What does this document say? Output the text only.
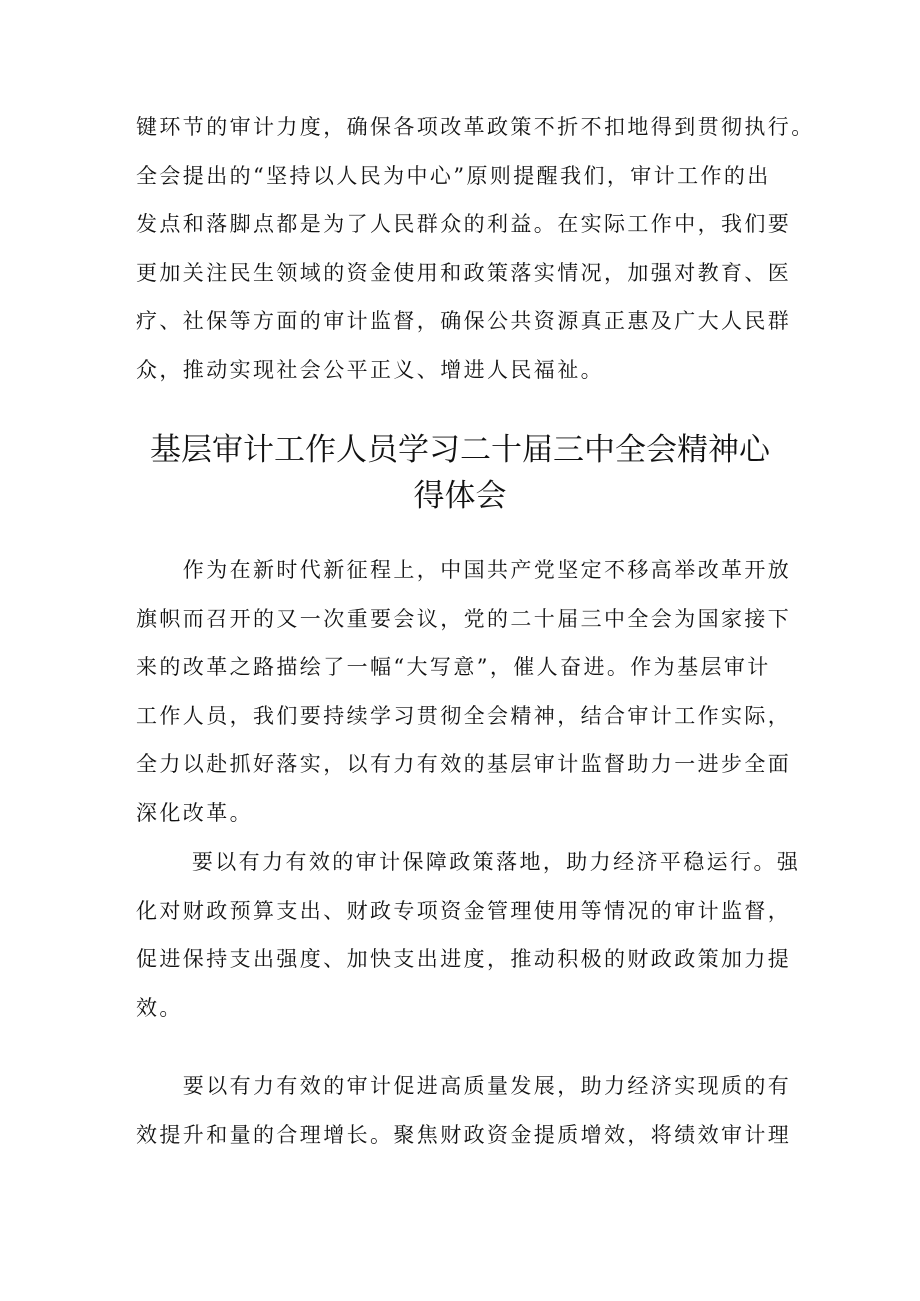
键环节的审计力度，确保各项改革政策不折不扣地得到贯彻执行。
全会提出的“坚持以人民为中心”原则提醒我们，审计工作的出
发点和落脚点都是为了人民群众的利益。在实际工作中，我们要
更加关注民生领域的资金使用和政策落实情况，加强对教育、医
疗、社保等方面的审计监督，确保公共资源真正惠及广大人民群
众，推动实现社会公平正义、增进人民福祉。

基层审计工作人员学习二十届三中全会精神心
得体会

　　作为在新时代新征程上，中国共产党坚定不移高举改革开放
旗帜而召开的又一次重要会议，党的二十届三中全会为国家接下
来的改革之路描绘了一幅“大写意”，催人奋进。作为基层审计
工作人员，我们要持续学习贯彻全会精神，结合审计工作实际，
全力以赴抓好落实，以有力有效的基层审计监督助力一进步全面
深化改革。

　　 要以有力有效的审计保障政策落地，助力经济平稳运行。强
化对财政预算支出、财政专项资金管理使用等情况的审计监督，
促进保持支出强度、加快支出进度，推动积极的财政政策加力提
效。

　　要以有力有效的审计促进高质量发展，助力经济实现质的有
效提升和量的合理增长。聚焦财政资金提质增效，将绩效审计理
